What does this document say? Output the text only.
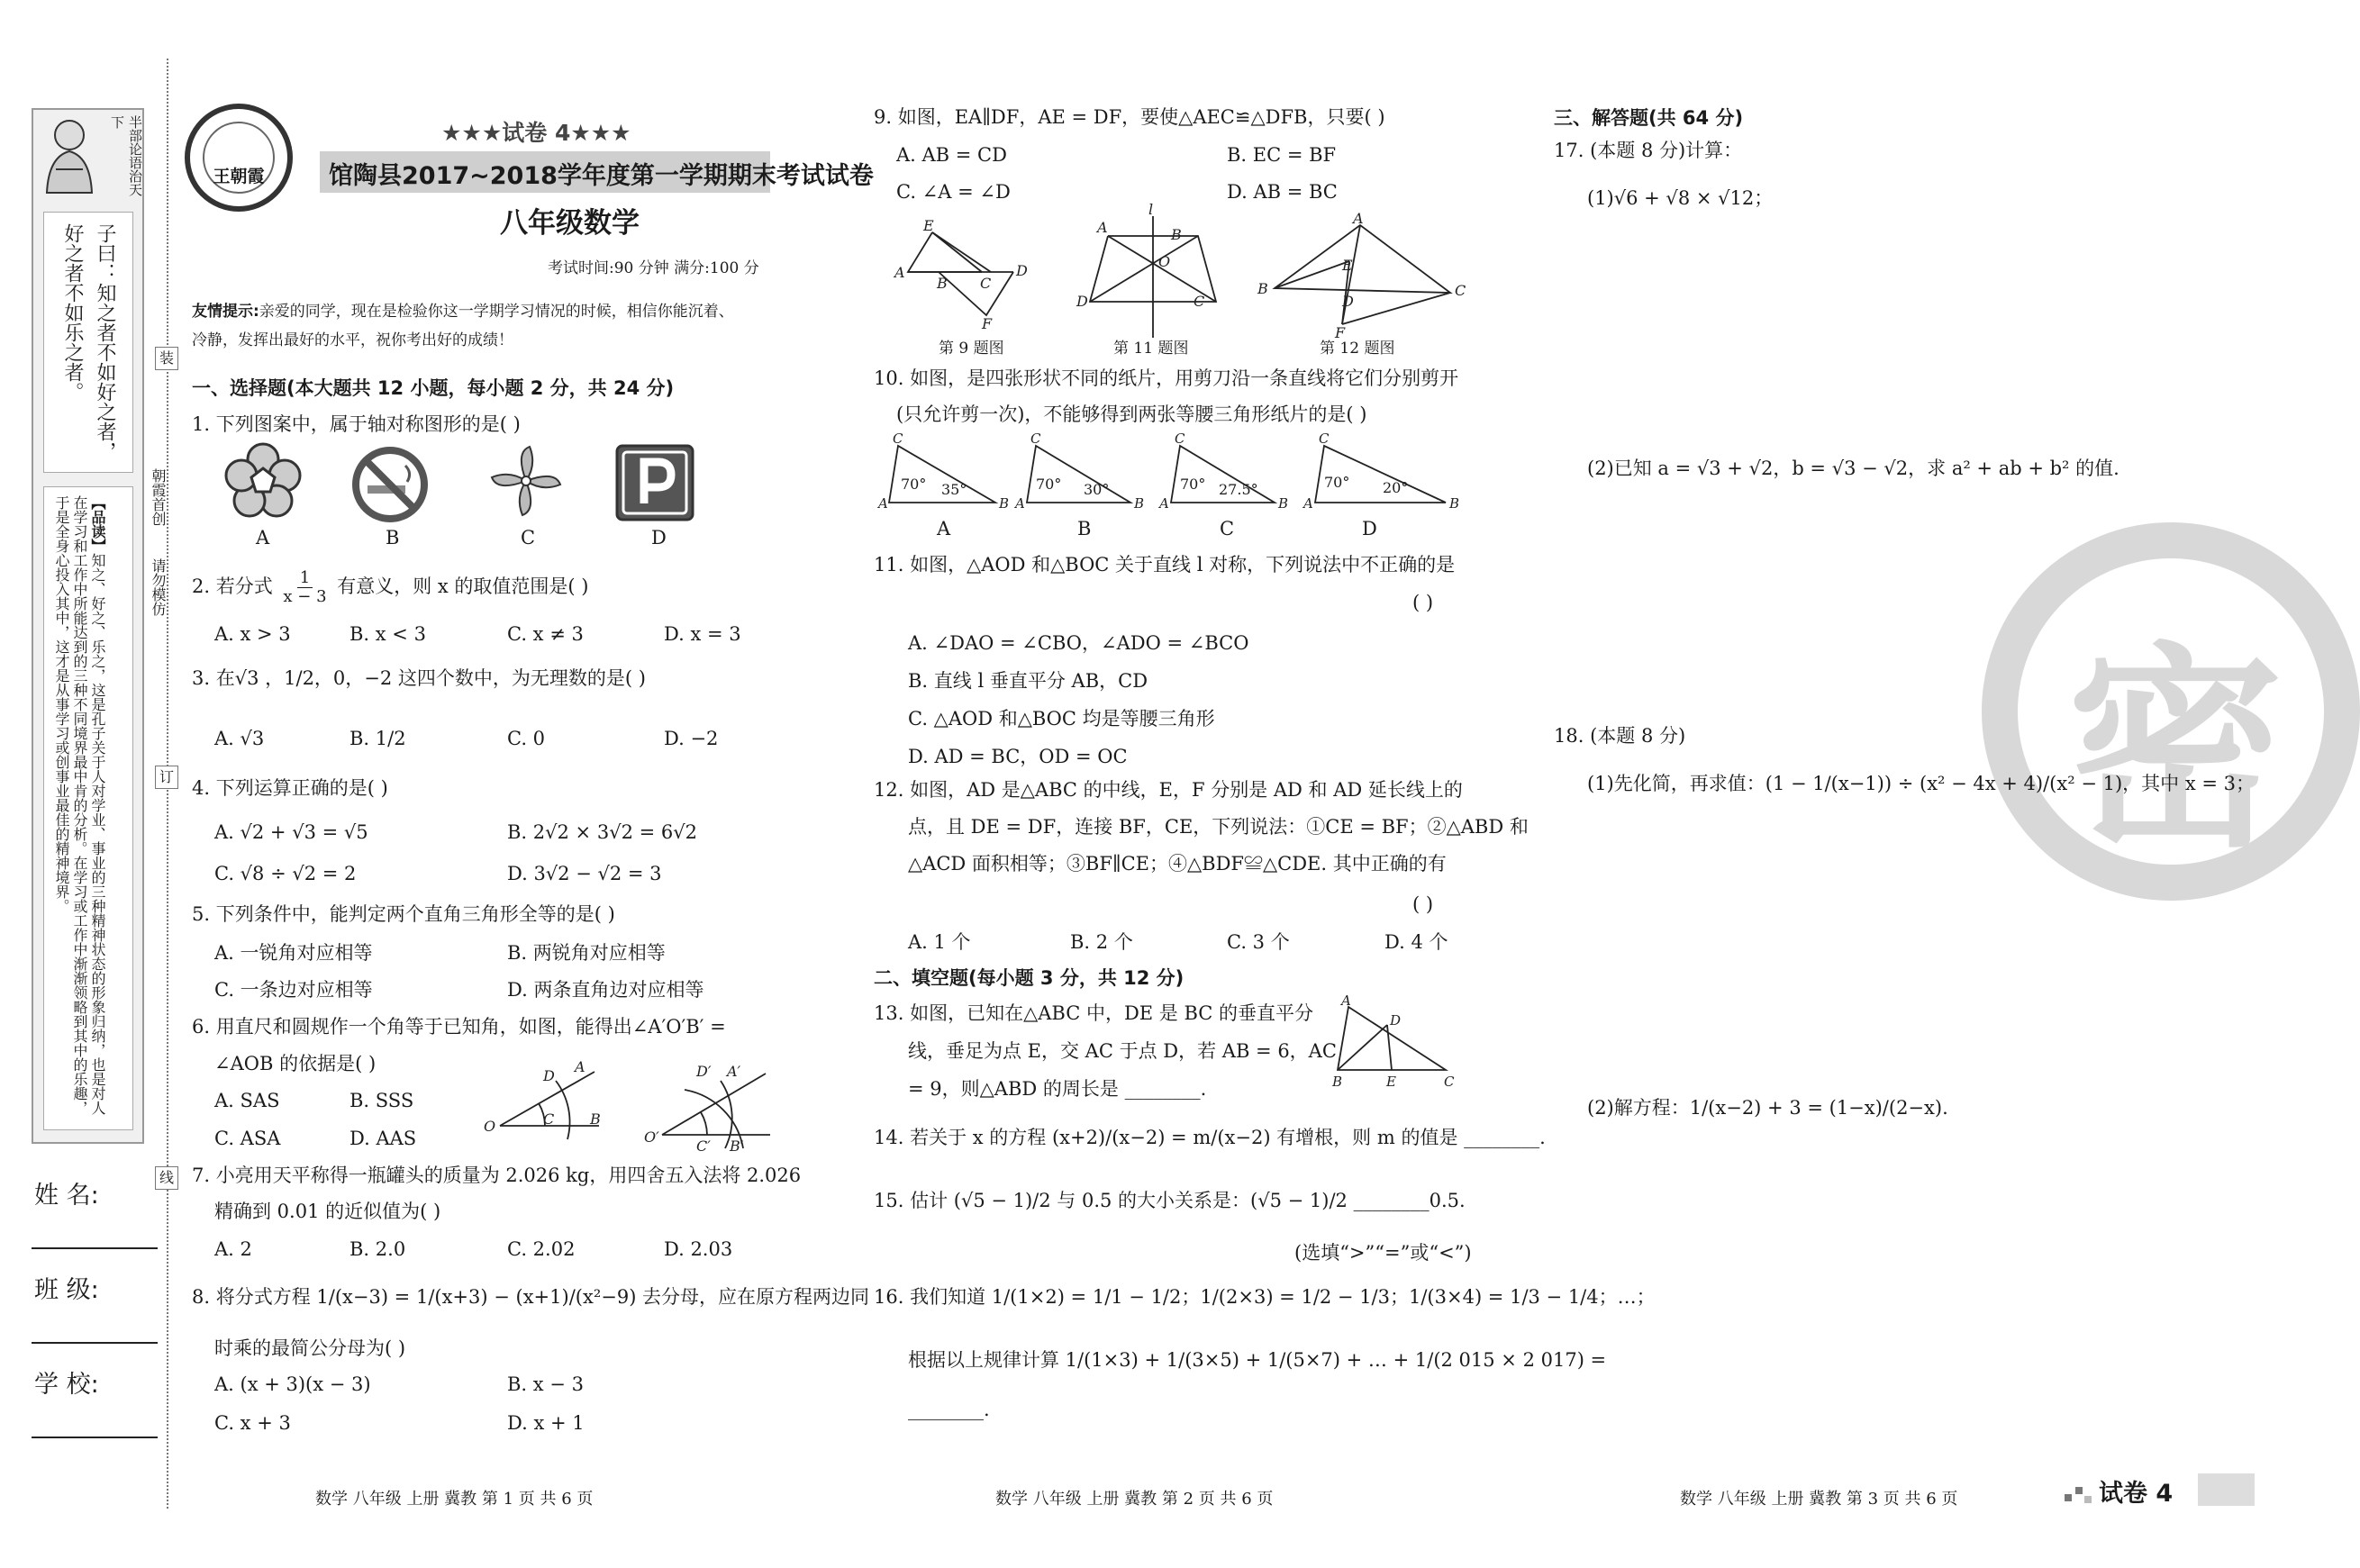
半部论语治天下
子曰：知之者不如好之者，好之者不如乐之者。
【品读】知之、好之、乐之，这是孔子关于人对学业、事业的三种精神状态的形象归纳，也是对人在学习和工作中所能达到的三种不同境界最中肯的分析。在学习或工作中渐渐领略到其中的乐趣，于是全身心投入其中，这才是从事学习或创事业最佳的精神境界。	朝霞首创
请勿模仿
装
订
线
姓 名:
班 级:
学 校:
王朝霞
★★★试卷 4★★★
馆陶县2017~2018学年度第一学期期末考试试卷
八年级数学
考试时间:90 分钟 满分:100 分
友情提示:亲爱的同学，现在是检验你这一学期学习情况的时候，相信你能沉着、
冷静，发挥出最好的水平，祝你考出好的成绩！
一、选择题(本大题共 12 小题，每小题 2 分，共 24 分)
1. 下列图案中，属于轴对称图形的是( )
A	B	C	D
2. 若分式 $\frac{1}{x - 3}$ 有意义，则 x 的取值范围是( )
A. x > 3	B. x < 3	C. x ≠ 3	D. x = 3
3. 在√3 ，1/2，0，−2 这四个数中，为无理数的是( )
A. √3	B. 1/2	C. 0	D. −2
4. 下列运算正确的是( )
A. √2 + √3 = √5	B. 2√2 × 3√2 = 6√2
C. √8 ÷ √2 = 2	D. 3√2 − √2 = 3
5. 下列条件中，能判定两个直角三角形全等的是( )
A. 一锐角对应相等	B. 两锐角对应相等
C. 一条边对应相等	D. 两条直角边对应相等
6. 用直尺和圆规作一个角等于已知角，如图，能得出∠A′O′B′ =
∠AOB 的依据是( )
A. SAS	B. SSS
C. ASA	D. AAS
O
D
A
C B
O′
D′ A′
C′ B′
7. 小亮用天平称得一瓶罐头的质量为 2.026 kg，用四舍五入法将 2.026
精确到 0.01 的近似值为( )
A. 2	B. 2.0	C. 2.02	D. 2.03
8. 将分式方程 1/(x−3) = 1/(x+3) − (x+1)/(x²−9) 去分母，应在原方程两边同
时乘的最简公分母为( )
A. (x + 3)(x − 3)	B. x − 3
C. x + 3	D. x + 1
数学 八年级 上册 冀教 第 1 页 共 6 页
9. 如图，EA∥DF，AE = DF，要使△AEC≌△DFB，只要( )
A. AB = CD	B. EC = BF
C. ∠A = ∠D	D. AB = BC
E
A
B C
D
F
A
l
B
O
D	C
A
B
E
D
C
F
第 9 题图	第 11 题图	第 12 题图
10. 如图，是四张形状不同的纸片，用剪刀沿一条直线将它们分别剪开
(只允许剪一次)，不能够得到两张等腰三角形纸片的是( )
C
A	B
C
A	B
C
A	B
C
A	B
70° 35°	70° 30°	70° 27.5°	70° 20°
A	B	C	D
11. 如图，△AOD 和△BOC 关于直线 l 对称，下列说法中不正确的是
( )
A. ∠DAO = ∠CBO，∠ADO = ∠BCO
B. 直线 l 垂直平分 AB，CD
C. △AOD 和△BOC 均是等腰三角形
D. AD = BC，OD = OC
12. 如图，AD 是△ABC 的中线，E，F 分别是 AD 和 AD 延长线上的
点，且 DE = DF，连接 BF，CE，下列说法：①CE = BF；②△ABD 和
△ACD 面积相等；③BF∥CE；④△BDF≌△CDE. 其中正确的有
( )
A. 1 个	B. 2 个	C. 3 个	D. 4 个
二、填空题(每小题 3 分，共 12 分)
13. 如图，已知在△ABC 中，DE 是 BC 的垂直平分
线，垂足为点 E，交 AC 于点 D，若 AB = 6，AC
= 9，则△ABD 的周长是 ________.
A
D
B	E	C
14. 若关于 x 的方程 (x+2)/(x−2) = m/(x−2) 有增根，则 m 的值是 ________.
15. 估计 (√5 − 1)/2 与 0.5 的大小关系是：(√5 − 1)/2 ________0.5.
(选填“>”“=”或“<”)
16. 我们知道 1/(1×2) = 1/1 − 1/2；1/(2×3) = 1/2 − 1/3；1/(3×4) = 1/3 − 1/4；…；
根据以上规律计算 1/(1×3) + 1/(3×5) + 1/(5×7) + … + 1/(2 015 × 2 017) =
________.
数学 八年级 上册 冀教 第 2 页 共 6 页
密
三、解答题(共 64 分)
17. (本题 8 分)计算：
(1)√6 + √8 × √12；
(2)已知 a = √3 + √2，b = √3 − √2，求 a² + ab + b² 的值.
18. (本题 8 分)
(1)先化简，再求值：(1 − 1/(x−1)) ÷ (x² − 4x + 4)/(x² − 1)，其中 x = 3；
(2)解方程：1/(x−2) + 3 = (1−x)/(2−x).
数学 八年级 上册 冀教 第 3 页 共 6 页	试卷 4
